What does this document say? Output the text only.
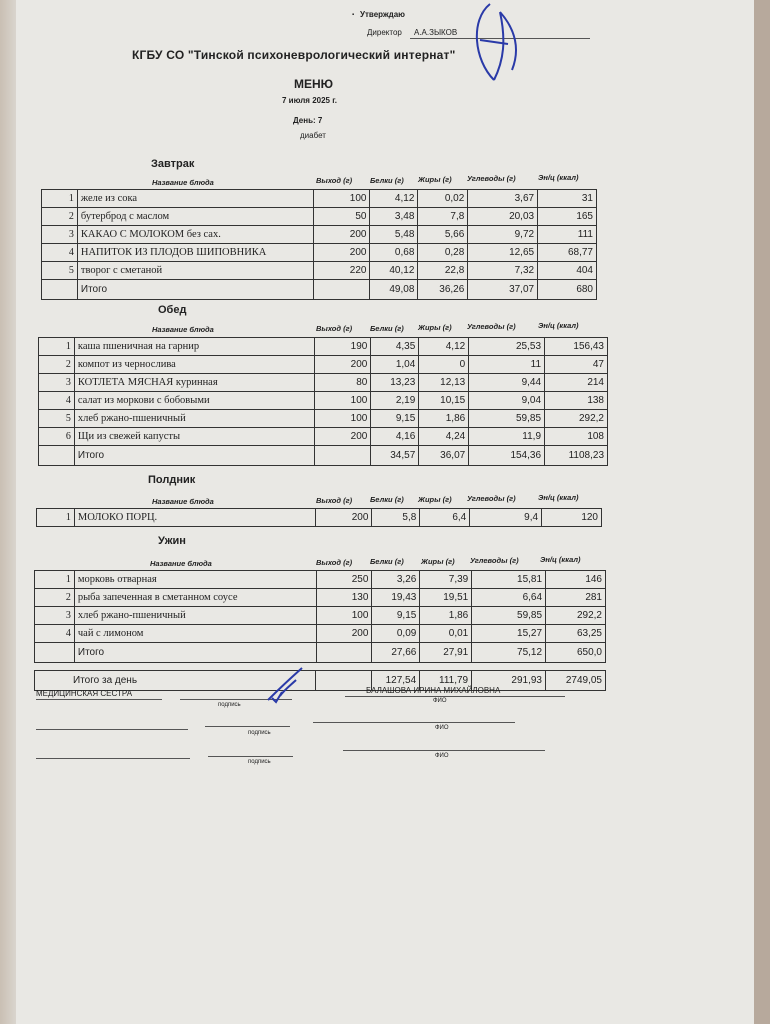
▪ Утверждаю
Директор А.А.ЗЫКОВ
КГБУ СО "Тинской психоневрологический интернат"
МЕНЮ
7 июля 2025 г.
День: 7
диабет
Завтрак
Название блюда	Выход (г) Белки (г) Жиры (г) Углеводы (г)	Эн/ц (ккал)
1	желе из сока	100	4,12	0,02	3,67	31
2	бутерброд с маслом	50	3,48	7,8	20,03	165
3	КАКАО С МОЛОКОМ без сах.	200	5,48	5,66	9,72	111
4	НАПИТОК ИЗ ПЛОДОВ ШИПОВНИКА	200	0,68	0,28	12,65	68,77
5	творог с сметаной	220	40,12	22,8	7,32	404
	Итого		49,08	36,26	37,07	680
Обед
Название блюда	Выход (г) Белки (г) Жиры (г) Углеводы (г)	Эн/ц (ккал)
1	каша пшеничная на гарнир	190	4,35	4,12	25,53	156,43
2	компот из чернослива	200	1,04	0	11	47
3	КОТЛЕТА МЯСНАЯ куринная	80	13,23	12,13	9,44	214
4	салат из моркови с бобовыми	100	2,19	10,15	9,04	138
5	хлеб ржано-пшеничный	100	9,15	1,86	59,85	292,2
6	Щи из свежей капусты	200	4,16	4,24	11,9	108
	Итого		34,57	36,07	154,36	1108,23
Полдник
Название блюда	Выход (г) Белки (г) Жиры (г) Углеводы (г)	Эн/ц (ккал)
1	МОЛОКО ПОРЦ.	200	5,8	6,4	9,4	120
Ужин
Название блюда	Выход (г) Белки (г) Жиры (г) Углеводы (г)	Эн/ц (ккал)
1	морковь отварная	250	3,26	7,39	15,81	146
2	рыба запеченная в сметанном соусе	130	19,43	19,51	6,64	281
3	хлеб ржано-пшеничный	100	9,15	1,86	59,85	292,2
4	чай с лимоном	200	0,09	0,01	15,27	63,25
	Итого		27,66	27,91	75,12	650,0
Итого за день		127,54	111,79	291,93	2749,05
МЕДИЦИНСКАЯ СЕСТРА
подпись
БАЛАШОВА ИРИНА МИХАЙЛОВНА
ФИО
подпись
ФИО
подпись
ФИО
